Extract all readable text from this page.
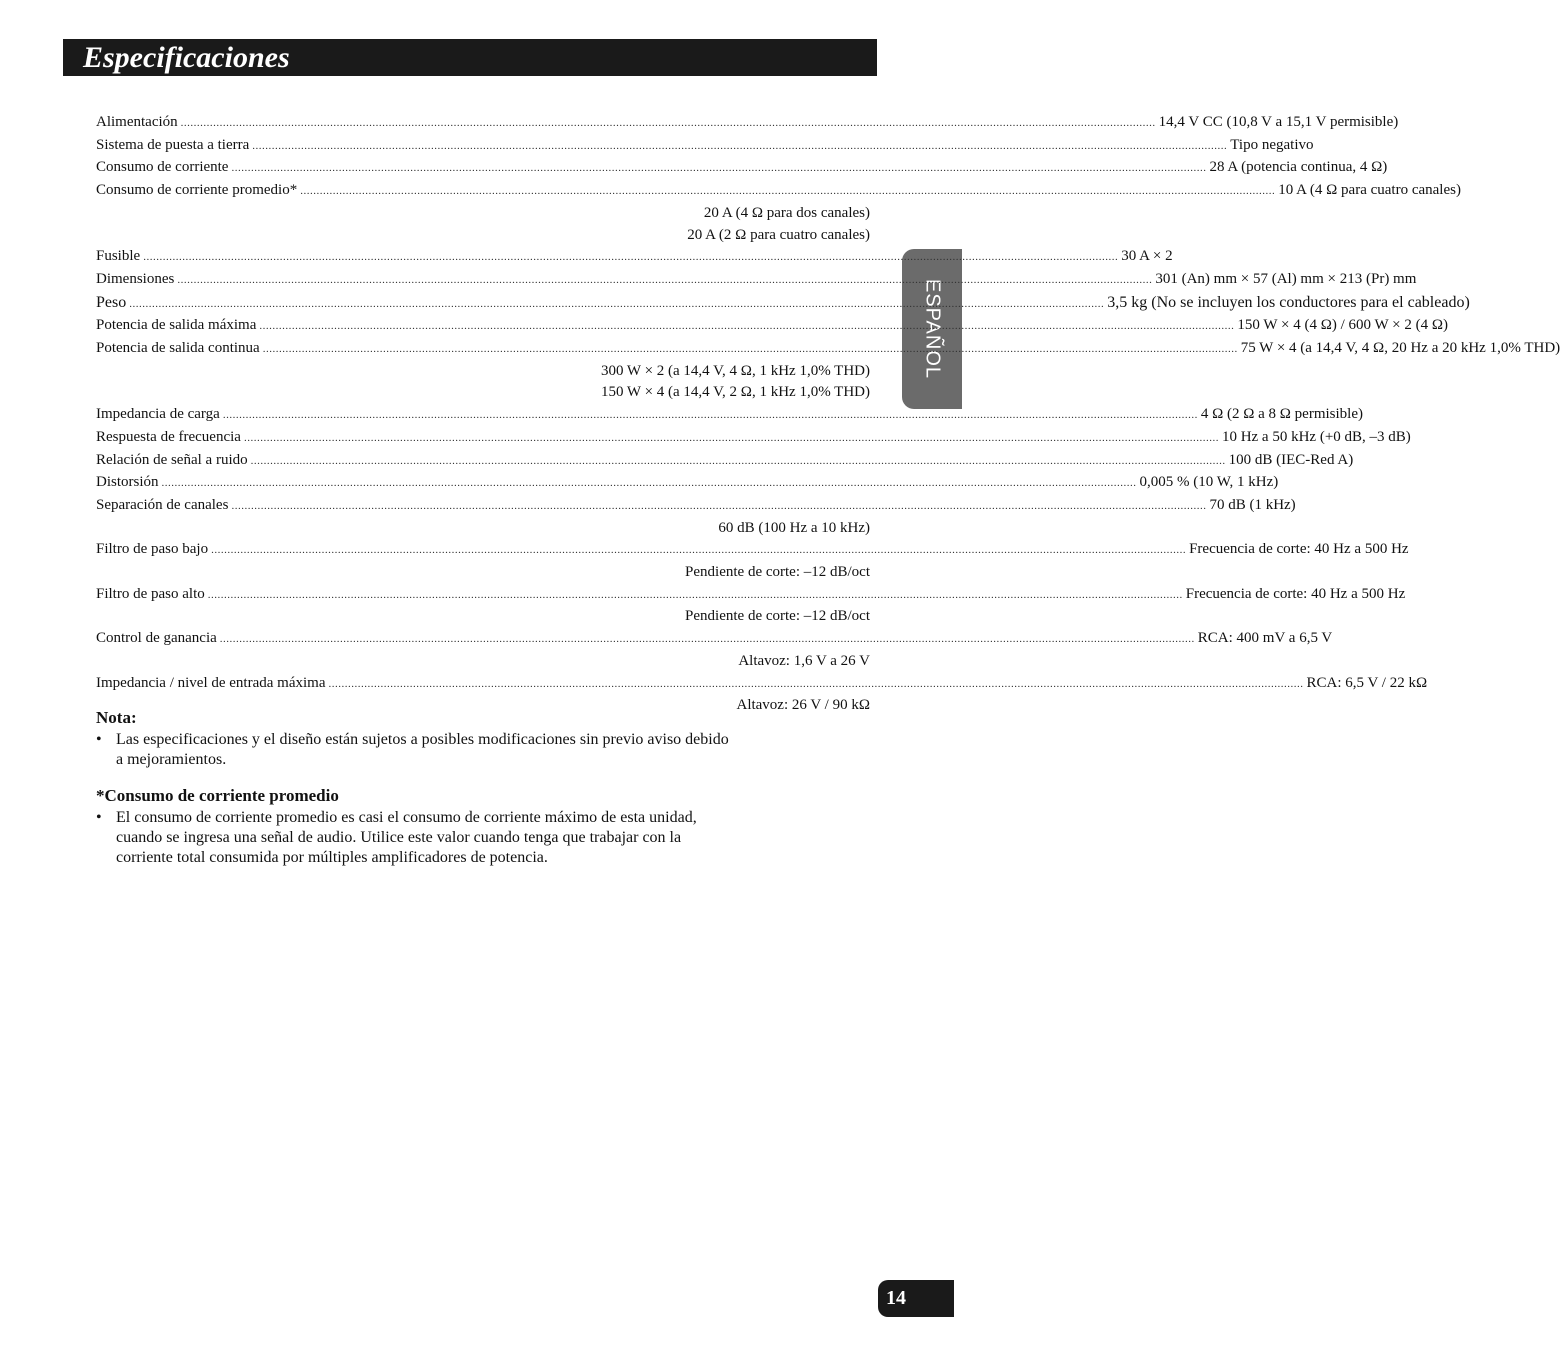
Especificaciones
ESPAÑOL
Alimentación ............................................................................................................................................................................................................................................................................................................ 14,4 V CC (10,8 V a 15,1 V permisible)
Sistema de puesta a tierra ............................................................................................................................................................................................................................................................................................................ Tipo negativo
Consumo de corriente ............................................................................................................................................................................................................................................................................................................ 28 A (potencia continua, 4 Ω)
Consumo de corriente promedio* ............................................................................................................................................................................................................................................................................................................ 10 A (4 Ω para cuatro canales)
20 A (4 Ω para dos canales)
20 A (2 Ω para cuatro canales)
Fusible ............................................................................................................................................................................................................................................................................................................ 30 A × 2
Dimensiones ............................................................................................................................................................................................................................................................................................................ 301 (An) mm × 57 (Al) mm × 213 (Pr) mm
Peso ............................................................................................................................................................................................................................................................................................................ 3,5 kg (No se incluyen los conductores para el cableado)
Potencia de salida máxima ............................................................................................................................................................................................................................................................................................................ 150 W × 4 (4 Ω) / 600 W × 2 (4 Ω)
Potencia de salida continua ............................................................................................................................................................................................................................................................................................................ 75 W × 4 (a 14,4 V, 4 Ω, 20 Hz a 20 kHz 1,0% THD)
300 W × 2 (a 14,4 V, 4 Ω, 1 kHz 1,0% THD)
150 W × 4 (a 14,4 V, 2 Ω, 1 kHz 1,0% THD)
Impedancia de carga ............................................................................................................................................................................................................................................................................................................ 4 Ω (2 Ω a 8 Ω permisible)
Respuesta de frecuencia ............................................................................................................................................................................................................................................................................................................ 10 Hz a 50 kHz (+0 dB, –3 dB)
Relación de señal a ruido ............................................................................................................................................................................................................................................................................................................ 100 dB (IEC-Red A)
Distorsión ............................................................................................................................................................................................................................................................................................................ 0,005 % (10 W, 1 kHz)
Separación de canales ............................................................................................................................................................................................................................................................................................................ 70 dB (1 kHz)
60 dB (100 Hz a 10 kHz)
Filtro de paso bajo ............................................................................................................................................................................................................................................................................................................ Frecuencia de corte: 40 Hz a 500 Hz
Pendiente de corte: –12 dB/oct
Filtro de paso alto ............................................................................................................................................................................................................................................................................................................ Frecuencia de corte: 40 Hz a 500 Hz
Pendiente de corte: –12 dB/oct
Control de ganancia ............................................................................................................................................................................................................................................................................................................ RCA: 400 mV a 6,5 V
Altavoz: 1,6 V a 26 V
Impedancia / nivel de entrada máxima ............................................................................................................................................................................................................................................................................................................ RCA: 6,5 V / 22 kΩ
Altavoz: 26 V / 90 kΩ
Nota:
• Las especificaciones y el diseño están sujetos a posibles modificaciones sin previo aviso debido a mejoramientos.
*Consumo de corriente promedio
• El consumo de corriente promedio es casi el consumo de corriente máximo de esta unidad, cuando se ingresa una señal de audio. Utilice este valor cuando tenga que trabajar con la corriente total consumida por múltiples amplificadores de potencia.
14
